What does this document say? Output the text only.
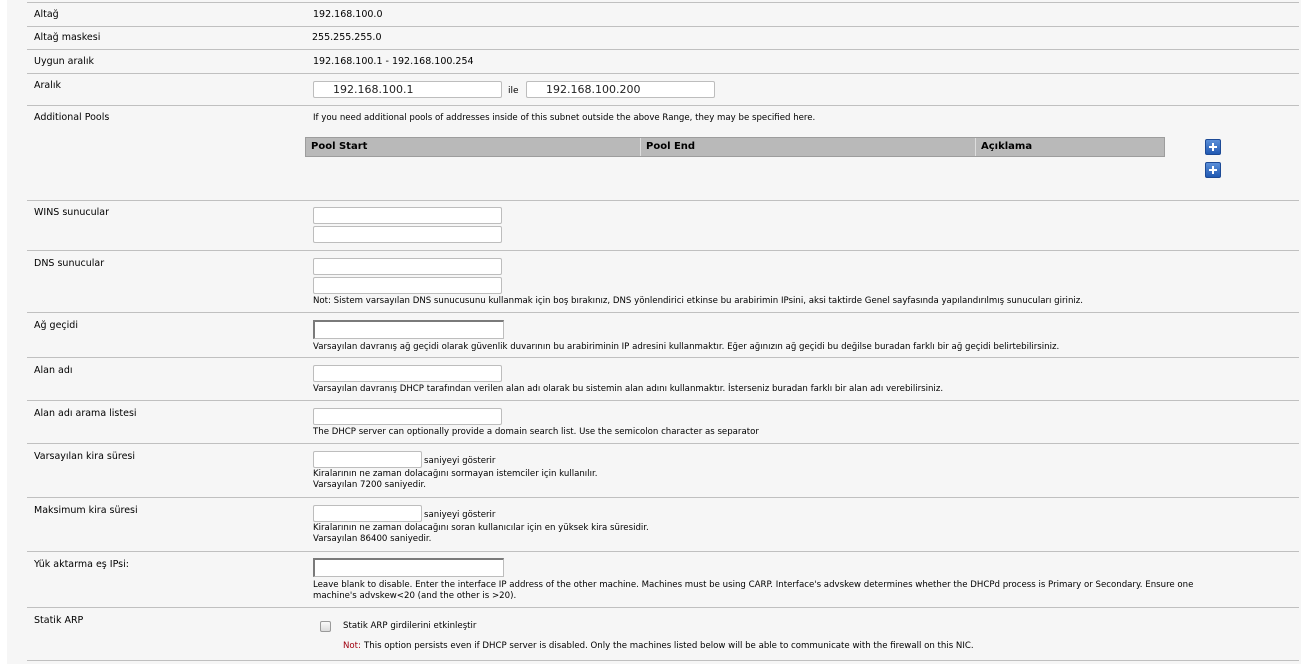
Altağ	192.168.100.0
Altağ maskesi	255.255.255.0
Uygun aralık	192.168.100.1 - 192.168.100.254
Aralık	192.168.100.1	ile	192.168.100.200
Additional Pools	If you need additional pools of addresses inside of this subnet outside the above Range, they may be specified here.
Pool Start	Pool End	Açıklama
WINS sunucular
DNS sunucular
Not: Sistem varsayılan DNS sunucusunu kullanmak için boş bırakınız, DNS yönlendirici etkinse bu arabirimin IPsini, aksi taktirde Genel sayfasında yapılandırılmış sunucuları giriniz.
Ağ geçidi
Varsayılan davranış ağ geçidi olarak güvenlik duvarının bu arabiriminin IP adresini kullanmaktır. Eğer ağınızın ağ geçidi bu değilse buradan farklı bir ağ geçidi belirtebilirsiniz.
Alan adı
Varsayılan davranış DHCP tarafından verilen alan adı olarak bu sistemin alan adını kullanmaktır. İsterseniz buradan farklı bir alan adı verebilirsiniz.
Alan adı arama listesi
The DHCP server can optionally provide a domain search list. Use the semicolon character as separator
Varsayılan kira süresi	saniyeyi gösterir
Kiralarının ne zaman dolacağını sormayan istemciler için kullanılır.
Varsayılan 7200 saniyedir.
Maksimum kira süresi	saniyeyi gösterir
Kiralarının ne zaman dolacağını soran kullanıcılar için en yüksek kira süresidir.
Varsayılan 86400 saniyedir.
Yük aktarma eş IPsi:
Leave blank to disable. Enter the interface IP address of the other machine. Machines must be using CARP. Interface's advskew determines whether the DHCPd process is Primary or Secondary. Ensure one
machine's advskew<20 (and the other is >20).
Statik ARP	Statik ARP girdilerini etkinleştir
Not: This option persists even if DHCP server is disabled. Only the machines listed below will be able to communicate with the firewall on this NIC.
